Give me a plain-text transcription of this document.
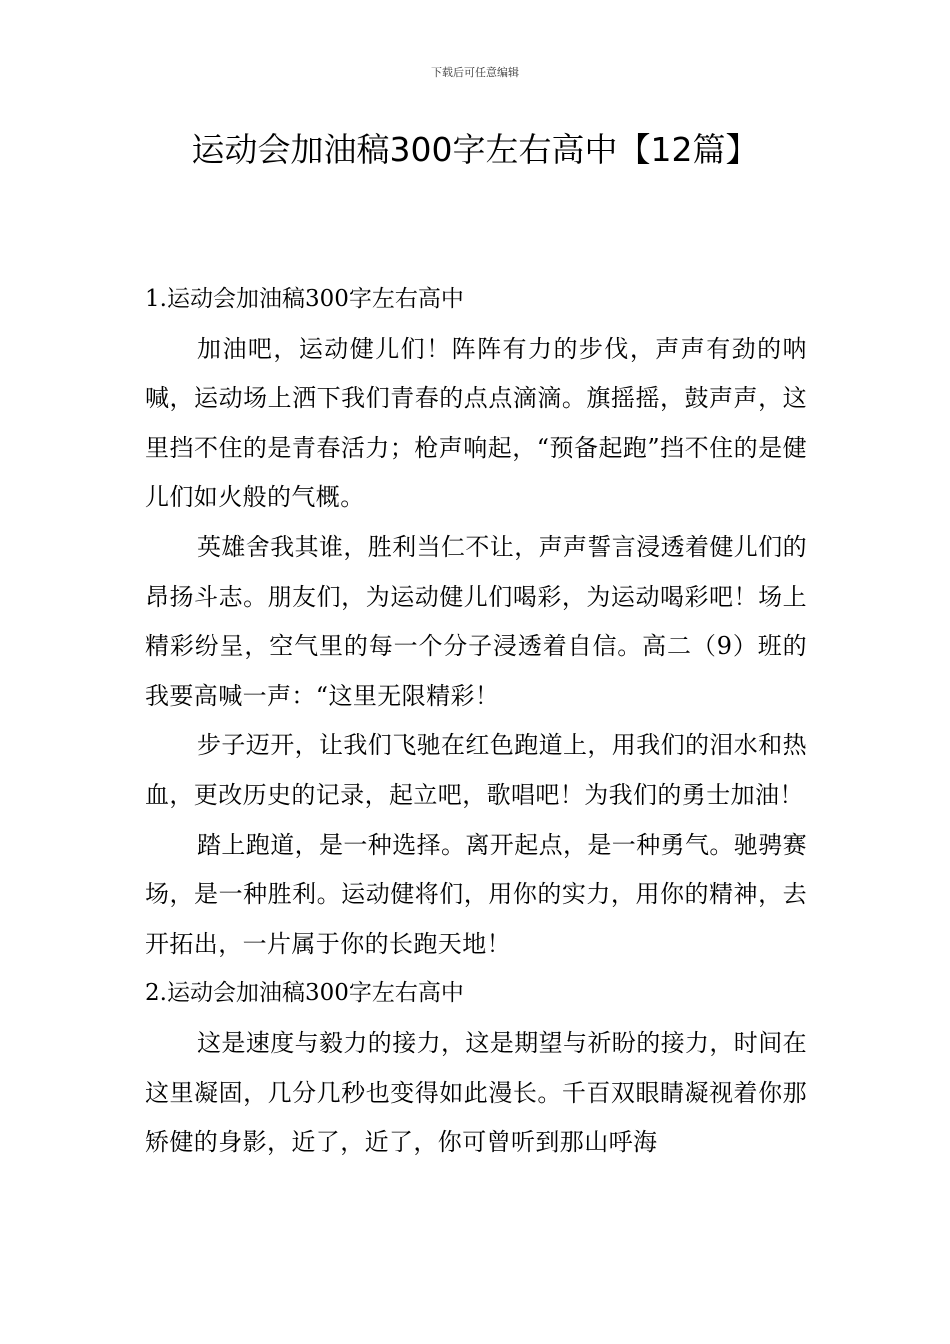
下载后可任意编辑
运动会加油稿300字左右高中【12篇】
1.运动会加油稿300字左右高中

加油吧，运动健儿们！阵阵有力的步伐，声声有劲的呐喊，运动场上洒下我们青春的点点滴滴。旗摇摇，鼓声声，这里挡不住的是青春活力；枪声响起，“预备起跑”挡不住的是健儿们如火般的气概。

英雄舍我其谁，胜利当仁不让，声声誓言浸透着健儿们的昂扬斗志。朋友们，为运动健儿们喝彩，为运动喝彩吧！场上精彩纷呈，空气里的每一个分子浸透着自信。高二（9）班的我要高喊一声：“这里无限精彩！

步子迈开，让我们飞驰在红色跑道上，用我们的泪水和热血，更改历史的记录，起立吧，歌唱吧！为我们的勇士加油！

踏上跑道，是一种选择。离开起点，是一种勇气。驰骋赛场，是一种胜利。运动健将们，用你的实力，用你的精神，去开拓出，一片属于你的长跑天地！

2.运动会加油稿300字左右高中

这是速度与毅力的接力，这是期望与祈盼的接力，时间在这里凝固，几分几秒也变得如此漫长。千百双眼睛凝视着你那矫健的身影，近了，近了，你可曾听到那山呼海
